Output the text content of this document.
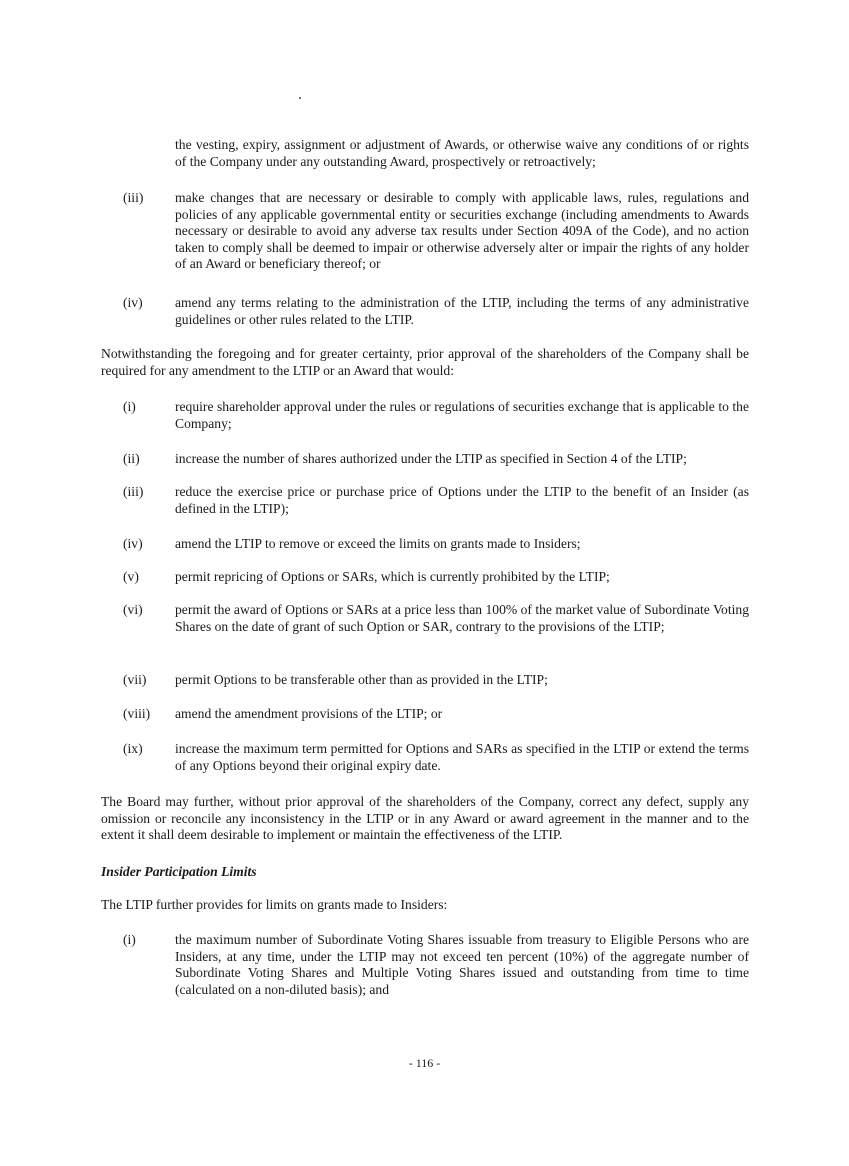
the vesting, expiry, assignment or adjustment of Awards, or otherwise waive any conditions of or rights of the Company under any outstanding Award, prospectively or retroactively;
(iii)	make changes that are necessary or desirable to comply with applicable laws, rules, regulations and policies of any applicable governmental entity or securities exchange (including amendments to Awards necessary or desirable to avoid any adverse tax results under Section 409A of the Code), and no action taken to comply shall be deemed to impair or otherwise adversely alter or impair the rights of any holder of an Award or beneficiary thereof; or
(iv)	amend any terms relating to the administration of the LTIP, including the terms of any administrative guidelines or other rules related to the LTIP.
Notwithstanding the foregoing and for greater certainty, prior approval of the shareholders of the Company shall be required for any amendment to the LTIP or an Award that would:
(i)	require shareholder approval under the rules or regulations of securities exchange that is applicable to the Company;
(ii)	increase the number of shares authorized under the LTIP as specified in Section 4 of the LTIP;
(iii)	reduce the exercise price or purchase price of Options under the LTIP to the benefit of an Insider (as defined in the LTIP);
(iv)	amend the LTIP to remove or exceed the limits on grants made to Insiders;
(v)	permit repricing of Options or SARs, which is currently prohibited by the LTIP;
(vi)	permit the award of Options or SARs at a price less than 100% of the market value of Subordinate Voting Shares on the date of grant of such Option or SAR, contrary to the provisions of the LTIP;
(vii)	permit Options to be transferable other than as provided in the LTIP;
(viii)	amend the amendment provisions of the LTIP; or
(ix)	increase the maximum term permitted for Options and SARs as specified in the LTIP or extend the terms of any Options beyond their original expiry date.
The Board may further, without prior approval of the shareholders of the Company, correct any defect, supply any omission or reconcile any inconsistency in the LTIP or in any Award or award agreement in the manner and to the extent it shall deem desirable to implement or maintain the effectiveness of the LTIP.
Insider Participation Limits
The LTIP further provides for limits on grants made to Insiders:
(i)	the maximum number of Subordinate Voting Shares issuable from treasury to Eligible Persons who are Insiders, at any time, under the LTIP may not exceed ten percent (10%) of the aggregate number of Subordinate Voting Shares and Multiple Voting Shares issued and outstanding from time to time (calculated on a non-diluted basis); and
- 116 -
